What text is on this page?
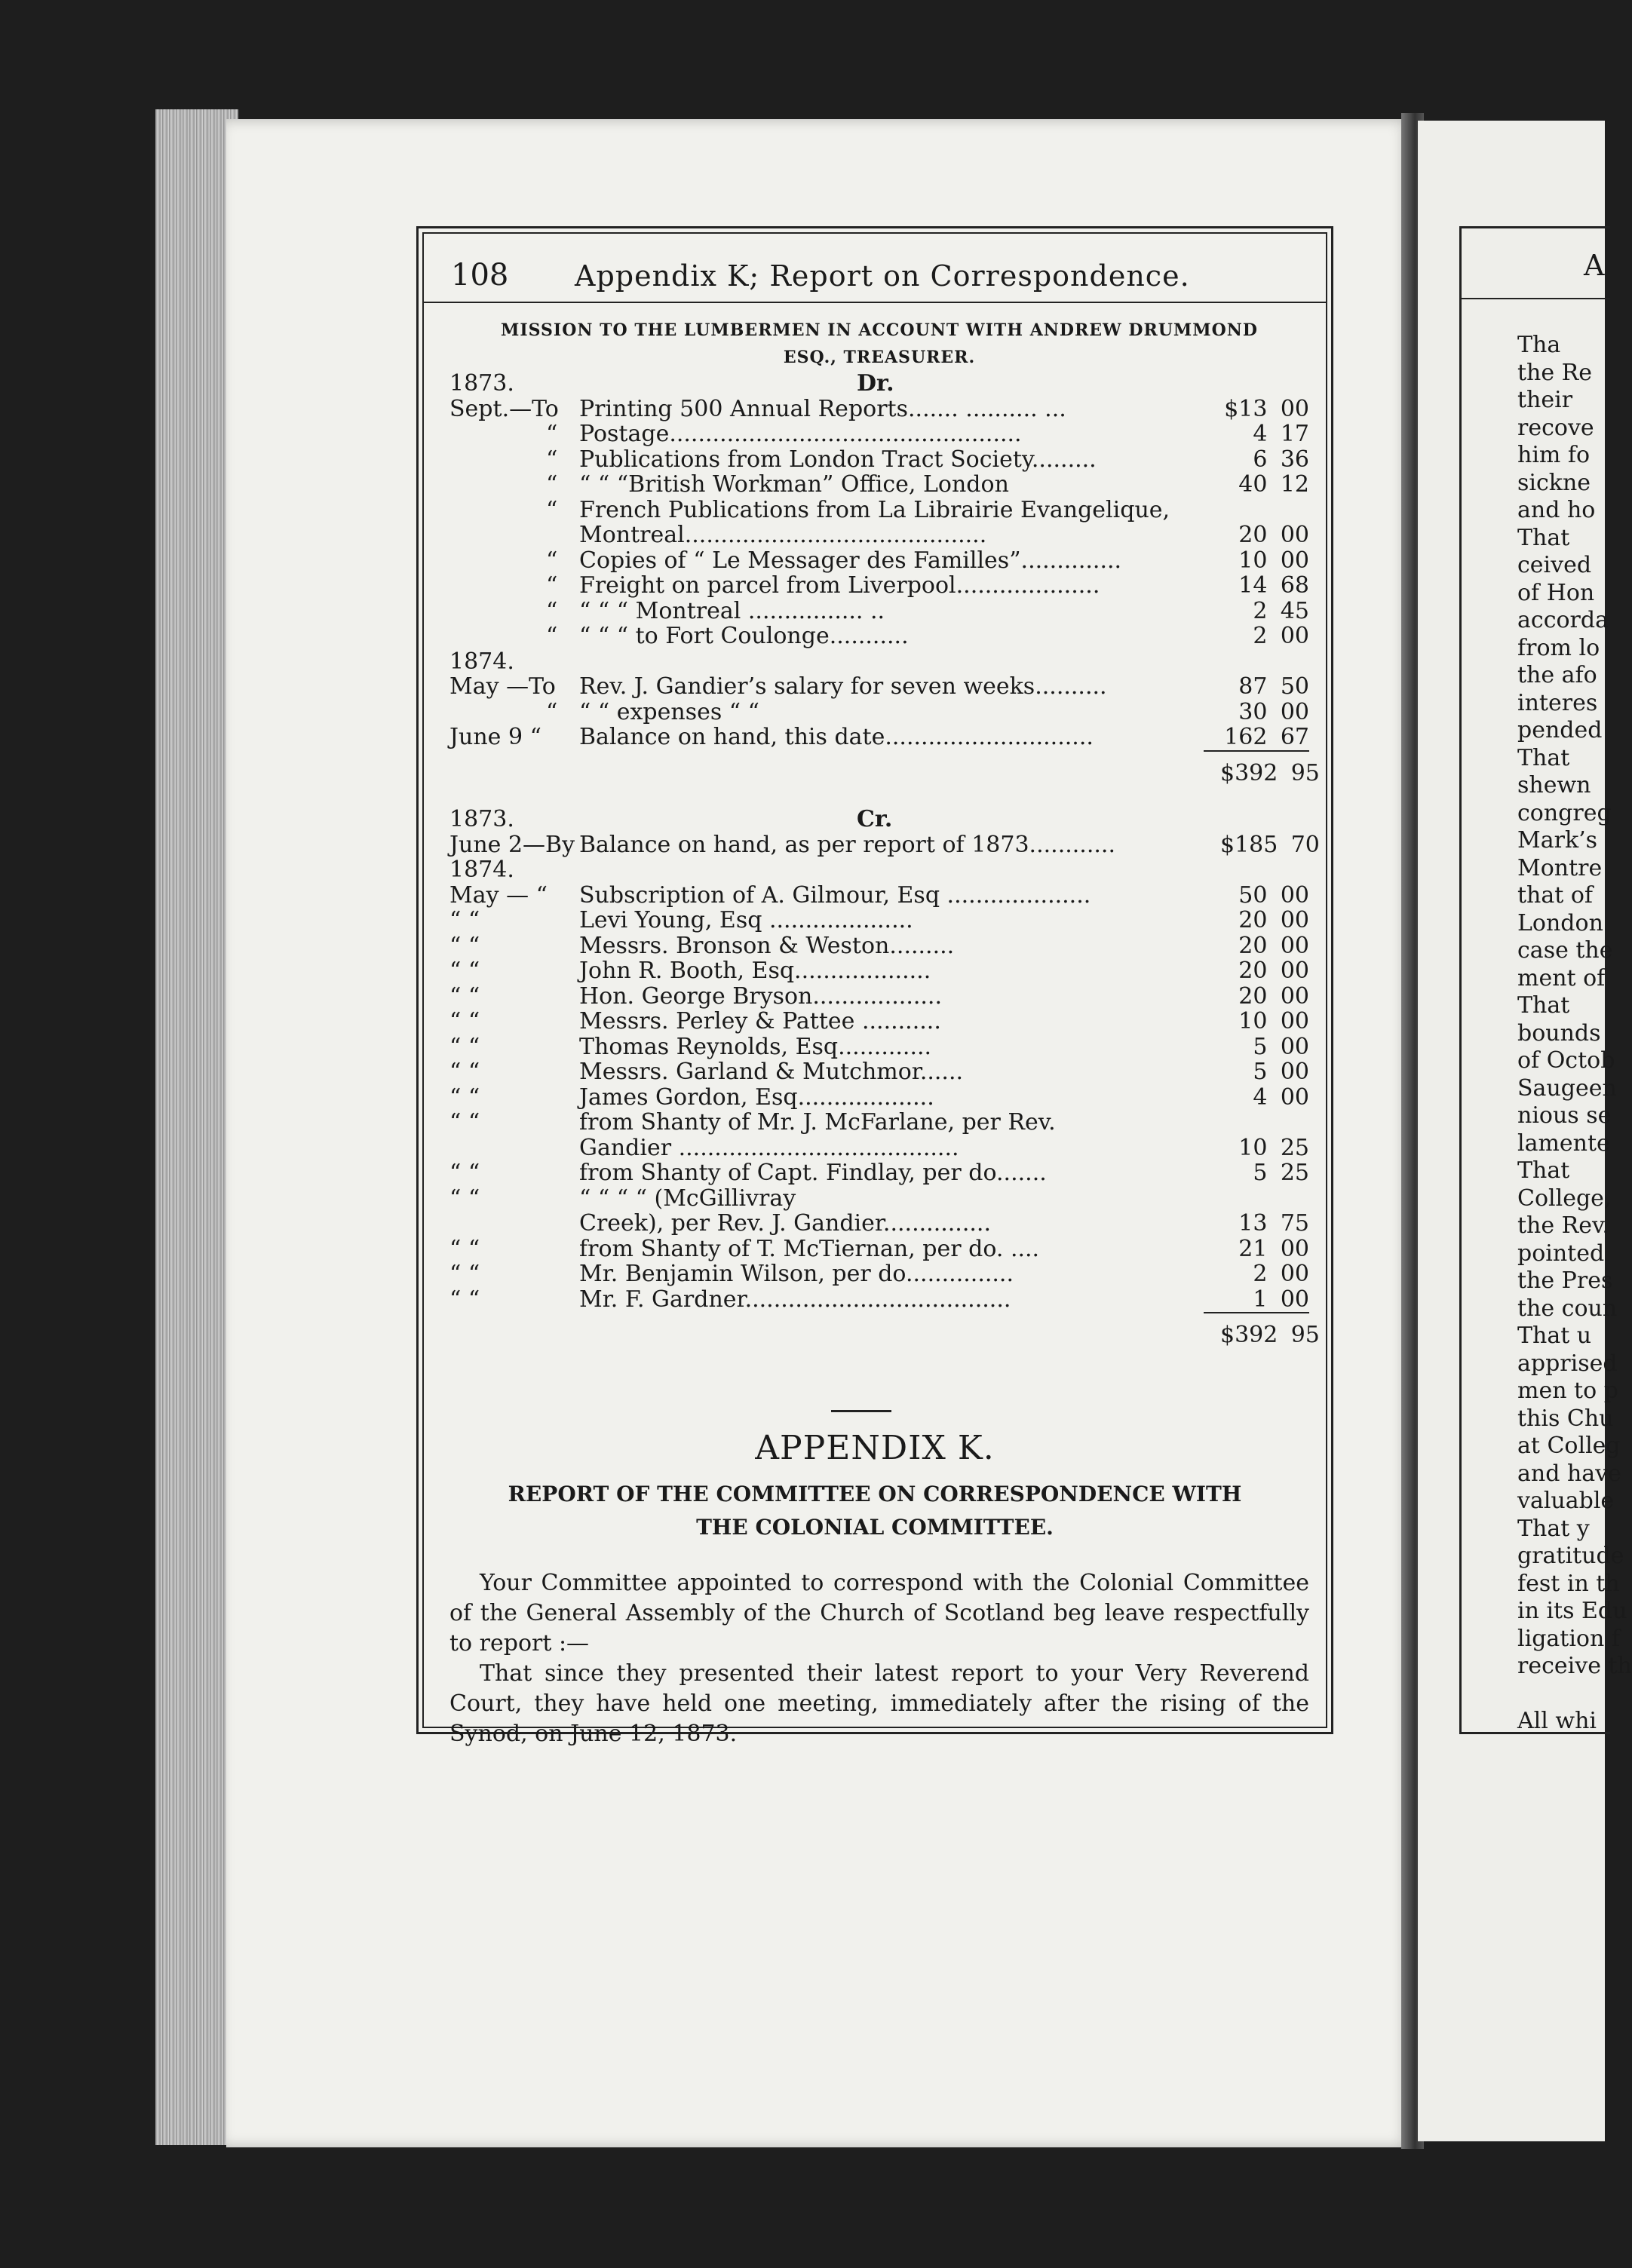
108 Appendix K; Report on Correspondence.
MISSION TO THE LUMBERMEN IN ACCOUNT WITH ANDREW DRUMMOND
ESQ., TREASURER.
1873.	Dr.
Sept.—To Printing 500 Annual Reports....... .......... ...	$13 00
“ Postage.................................................	4 17
“ Publications from London Tract Society.........	6 36
“ “ “ “British Workman” Office, London	40 12
“ French Publications from La Librairie Evangelique,

Montreal..........................................	20 00
“ Copies of “ Le Messager des Familles”..............	10 00
“ Freight on parcel from Liverpool....................	14 68
“ “ “ “ Montreal ................ ..	2 45
“ “ “ “ to Fort Coulonge...........	2 00
1874.

May —To Rev. J. Gandier’s salary for seven weeks..........	87 50
“ “ “ expenses “ “	30 00
June 9 “ Balance on hand, this date.............................	162 67
$392 95
1873.	Cr.
June 2—By Balance on hand, as per report of 1873............	$185 70
1874.

May — “ Subscription of A. Gilmour, Esq ....................	50 00
“ “	Levi Young, Esq ....................	20 00
“ “	Messrs. Bronson & Weston.........	20 00
“ “	John R. Booth, Esq...................	20 00
“ “	Hon. George Bryson..................	20 00
“ “	Messrs. Perley & Pattee ...........	10 00
“ “	Thomas Reynolds, Esq.............	5 00
“ “	Messrs. Garland & Mutchmor......	5 00
“ “	James Gordon, Esq...................	4 00
“ “	from Shanty of Mr. J. McFarlane, per Rev.

Gandier .......................................	10 25
“ “	from Shanty of Capt. Findlay, per do.......	5 25
“ “	“ “ “ “ (McGillivray

Creek), per Rev. J. Gandier...............	13 75
“ “	from Shanty of T. McTiernan, per do. ....	21 00
“ “	Mr. Benjamin Wilson, per do...............	2 00
“ “	Mr. F. Gardner.....................................	1 00
$392 95
APPENDIX K.
REPORT OF THE COMMITTEE ON CORRESPONDENCE WITH
THE COLONIAL COMMITTEE.
Your Committee appointed to correspond with the Colonial Committee of the General Assembly of the Church of Scotland beg leave respectfully to report :—
That since they presented their latest report to your Very Reverend Court, they have held one meeting, immediately after the rising of the Synod, on June 12, 1873.
A
Tha
the Re
their
recove
him fo
sickne
and ho
That
ceived
of Hon
accorda
from lo
the afo
interes
pended
That
shewn
congreg
Mark’s
Montre
that of
London
case the
ment of
That
bounds
of Octob
Saugeen
nious se
lamente
That
College,
the Rev.
pointed
the Pres
the coun
That u
apprised
men to p
this Chu
at Colleg
and have
valuable
That y
gratitude
fest in th
in its Edu
ligation f
receive th
All whi
